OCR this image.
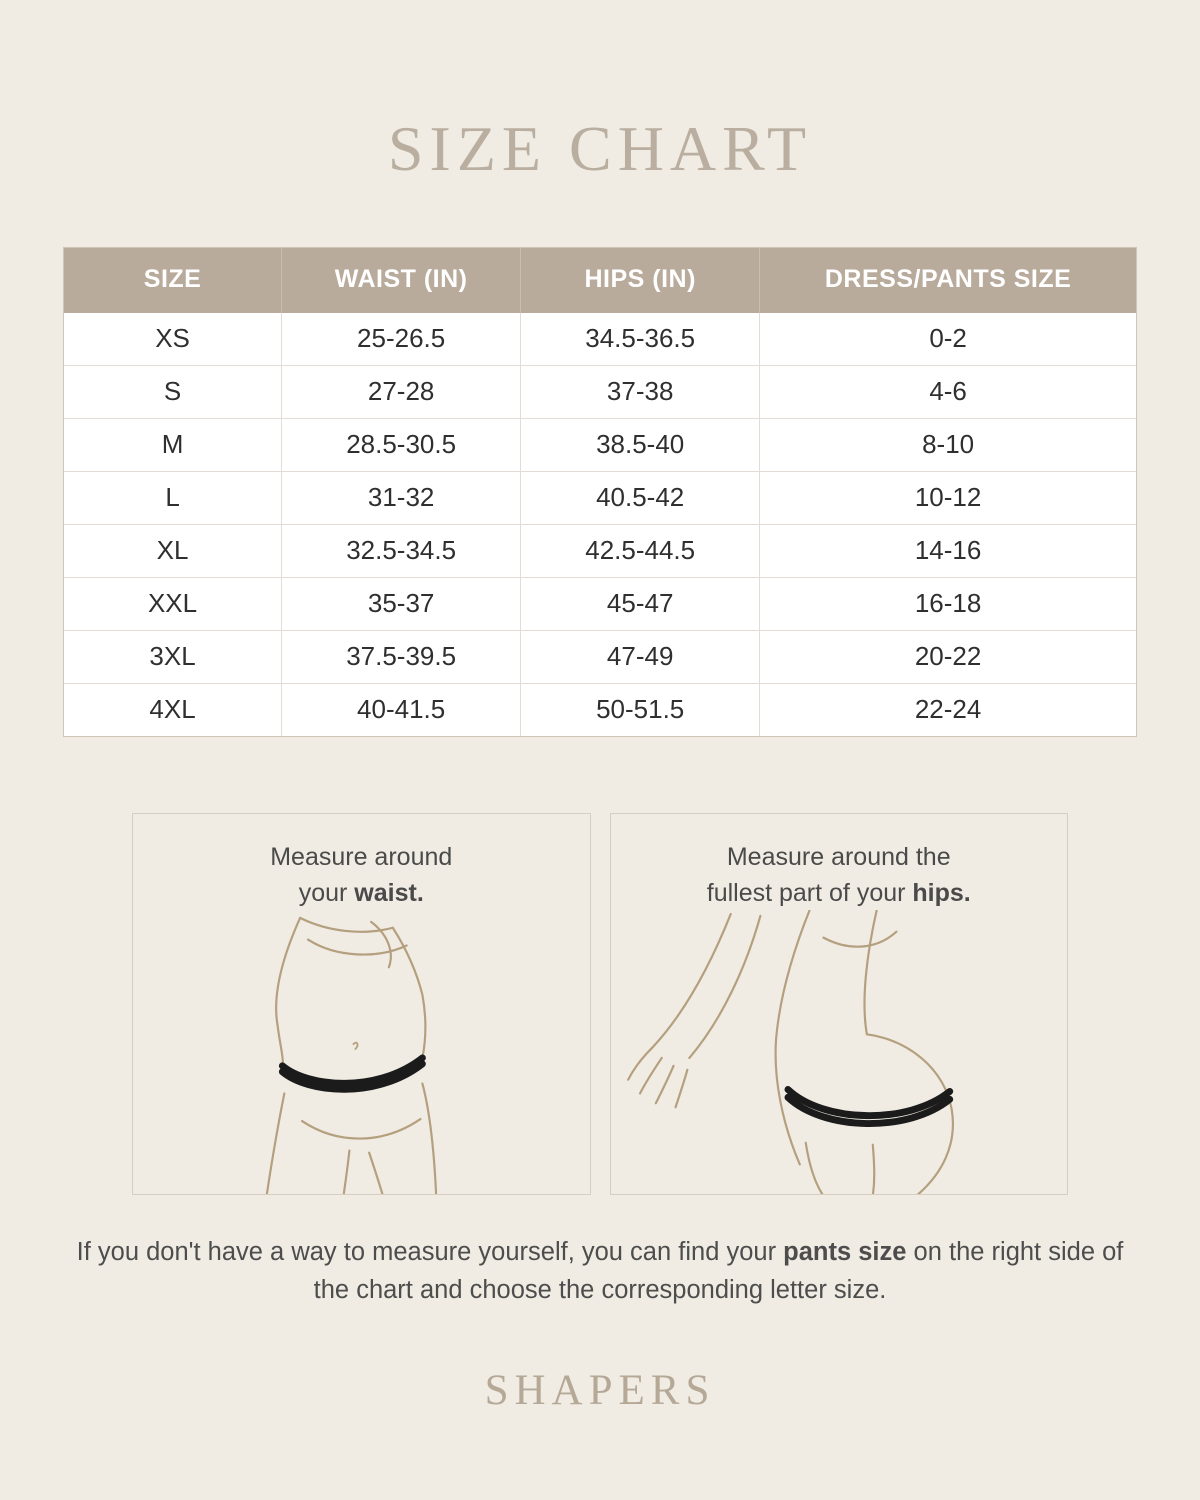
SIZE CHART
SIZE	WAIST (IN)	HIPS (IN)	DRESS/PANTS SIZE
XS	25-26.5	34.5-36.5	0-2
S	27-28	37-38	4-6
M	28.5-30.5	38.5-40	8-10
L	31-32	40.5-42	10-12
XL	32.5-34.5	42.5-44.5	14-16
XXL	35-37	45-47	16-18
3XL	37.5-39.5	47-49	20-22
4XL	40-41.5	50-51.5	22-24
Measure around
your waist.
Measure around the
fullest part of your hips.
If you don't have a way to measure yourself, you can find your pants size on the right side of the chart and choose the corresponding letter size.
SHAPERS
